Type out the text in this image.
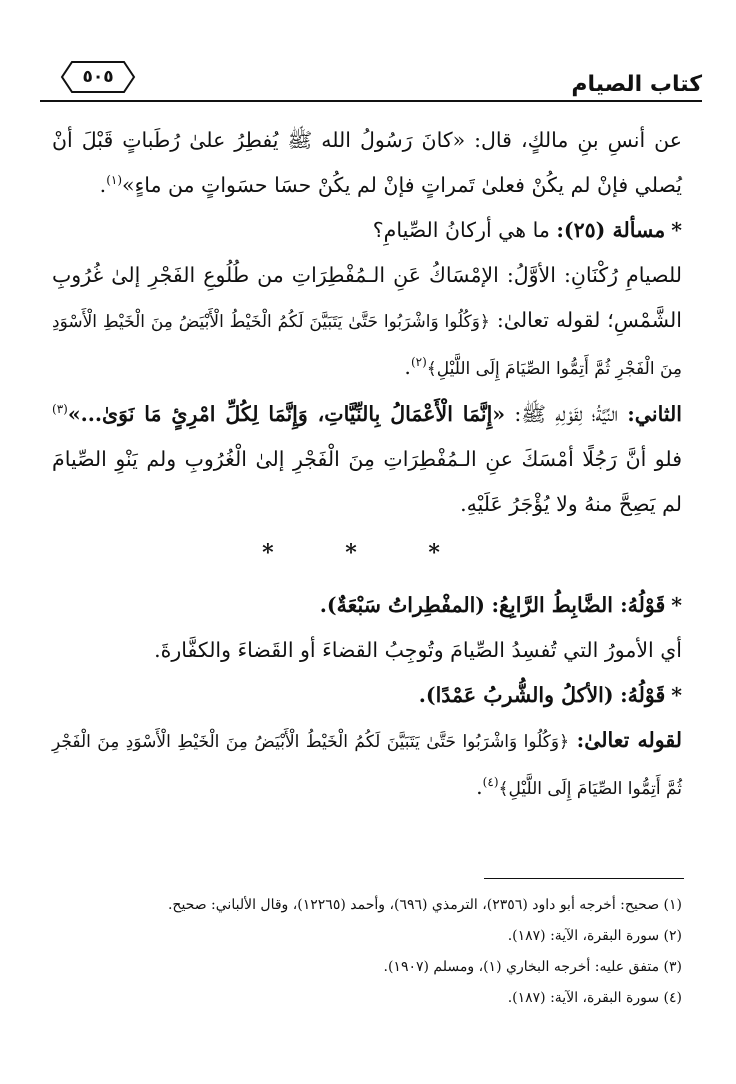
كتاب الصيام
٥٠٥

عن أنسِ بنِ مالكٍ، قال: «كانَ رَسُولُ الله ﷺ يُفطِرُ علىٰ رُطَباتٍ قَبْلَ أنْ يُصلي فإنْ لم يكُنْ فعلىٰ تَمراتٍ فإنْ لم يكُنْ حسَا حسَواتٍ من ماءٍ»$^{(١)}$.

*مسألة (٢٥): ما هي أركانُ الصِّيامِ؟

للصيامِ رُكْنَانِ: الأوَّلُ: الإمْسَاكُ عَنِ الـمُفْطِرَاتِ من طُلُوعِ الفَجْرِ إلىٰ غُرُوبِ الشَّمْسِ؛ لقوله تعالىٰ: ﴿وَكُلُوا وَاشْرَبُوا حَتَّىٰ يَتَبَيَّنَ لَكُمُ الْخَيْطُ الْأَبْيَضُ مِنَ الْخَيْطِ الْأَسْوَدِ مِنَ الْفَجْرِ ثُمَّ أَتِمُّوا الصِّيَامَ إِلَى اللَّيْلِ﴾$^{(٢)}$.

الثاني: النِّيَّةُ؛ لِقَوْلِهِ ﷺ: «إِنَّمَا الْأَعْمَالُ بِالنِّيَّاتِ، وَإِنَّمَا لِكُلِّ امْرِئٍ مَا نَوَىٰ...»$^{(٣)}$ فلو أنَّ رَجُلًا أمْسَكَ عنِ الـمُفْطِرَاتِ مِنَ الْفَجْرِ إلىٰ الْغُرُوبِ ولم يَنْوِ الصِّيامَ لم يَصِحَّ منهُ ولا يُؤْجَرُ عَلَيْهِ.

* * *

*قَوْلُهُ: الضَّابِطُ الرَّابِعُ: (المفْطِراتُ سَبْعَةٌ).

أي الأمورُ التي تُفسِدُ الصِّيامَ وتُوجِبُ القضاءَ أو القَضاءَ والكفَّارةَ.

*قَوْلُهُ: (الأكلُ والشُّربُ عَمْدًا).

لقوله تعالىٰ: ﴿وَكُلُوا وَاشْرَبُوا حَتَّىٰ يَتَبَيَّنَ لَكُمُ الْخَيْطُ الْأَبْيَضُ مِنَ الْخَيْطِ الْأَسْوَدِ مِنَ الْفَجْرِ ثُمَّ أَتِمُّوا الصِّيَامَ إِلَى اللَّيْلِ﴾$^{(٤)}$.

(١) صحيح: أخرجه أبو داود (٢٣٥٦)، الترمذي (٦٩٦)، وأحمد (١٢٢٦٥)، وقال الألباني: صحيح.

(٢) سورة البقرة، الآية: (١٨٧).

(٣) متفق عليه: أخرجه البخاري (١)، ومسلم (١٩٠٧).

(٤) سورة البقرة، الآية: (١٨٧).
